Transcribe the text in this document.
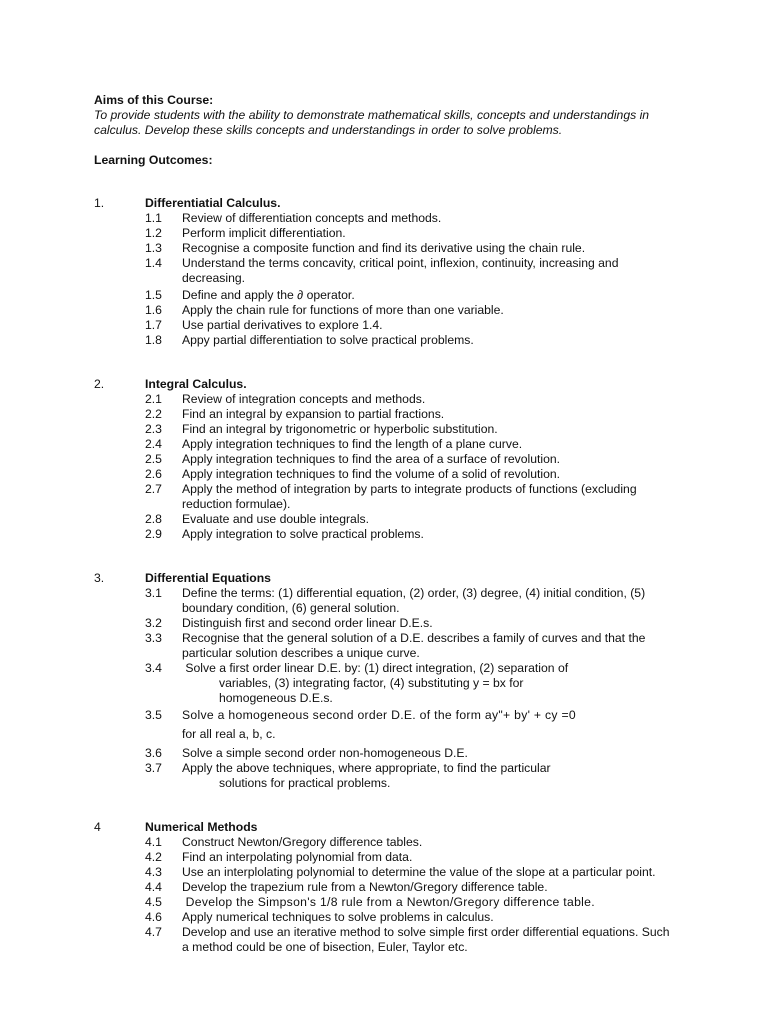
Aims of this Course:
To provide students with the ability to demonstrate mathematical skills, concepts and understandings in calculus. Develop these skills concepts and understandings in order to solve problems.
Learning Outcomes:
1.	Differentiatial Calculus.
1.1 Review of differentiation concepts and methods.
1.2 Perform implicit differentiation.
1.3 Recognise a composite function and find its derivative using the chain rule.
1.4 Understand the terms concavity, critical point, inflexion, continuity, increasing and decreasing.
1.5 Define and apply the ∂ operator.
1.6 Apply the chain rule for functions of more than one variable.
1.7 Use partial derivatives to explore 1.4.
1.8 Appy partial differentiation to solve practical problems.
2.	Integral Calculus.
2.1 Review of integration concepts and methods.
2.2 Find an integral by expansion to partial fractions.
2.3 Find an integral by trigonometric or hyperbolic substitution.
2.4 Apply integration techniques to find the length of a plane curve.
2.5 Apply integration techniques to find the area of a surface of revolution.
2.6 Apply integration techniques to find the volume of a solid of revolution.
2.7 Apply the method of integration by parts to integrate products of functions (excluding reduction formulae).
2.8 Evaluate and use double integrals.
2.9 Apply integration to solve practical problems.
3.	Differential Equations
3.1 Define the terms: (1) differential equation, (2) order, (3) degree, (4) initial condition, (5) boundary condition, (6) general solution.
3.2 Distinguish first and second order linear D.E.s.
3.3 Recognise that the general solution of a D.E. describes a family of curves and that the particular solution describes a unique curve.
3.4 Solve a first order linear D.E. by: (1) direct integration, (2) separation of
variables, (3) integrating factor, (4) substituting y = bx for
homogeneous D.E.s.
3.5 Solve a homogeneous second order D.E. of the form ay"+ by' + cy =0
for all real a, b, c.
3.6 Solve a simple second order non-homogeneous D.E.
3.7 Apply the above techniques, where appropriate, to find the particular
solutions for practical problems.
4	Numerical Methods
4.1 Construct Newton/Gregory difference tables.
4.2 Find an interpolating polynomial from data.
4.3 Use an interplolating polynomial to determine the value of the slope at a particular point.
4.4 Develop the trapezium rule from a Newton/Gregory difference table.
4.5 Develop the Simpson's 1/8 rule from a Newton/Gregory difference table.
4.6 Apply numerical techniques to solve problems in calculus.
4.7 Develop and use an iterative method to solve simple first order differential equations. Such a method could be one of bisection, Euler, Taylor etc.
